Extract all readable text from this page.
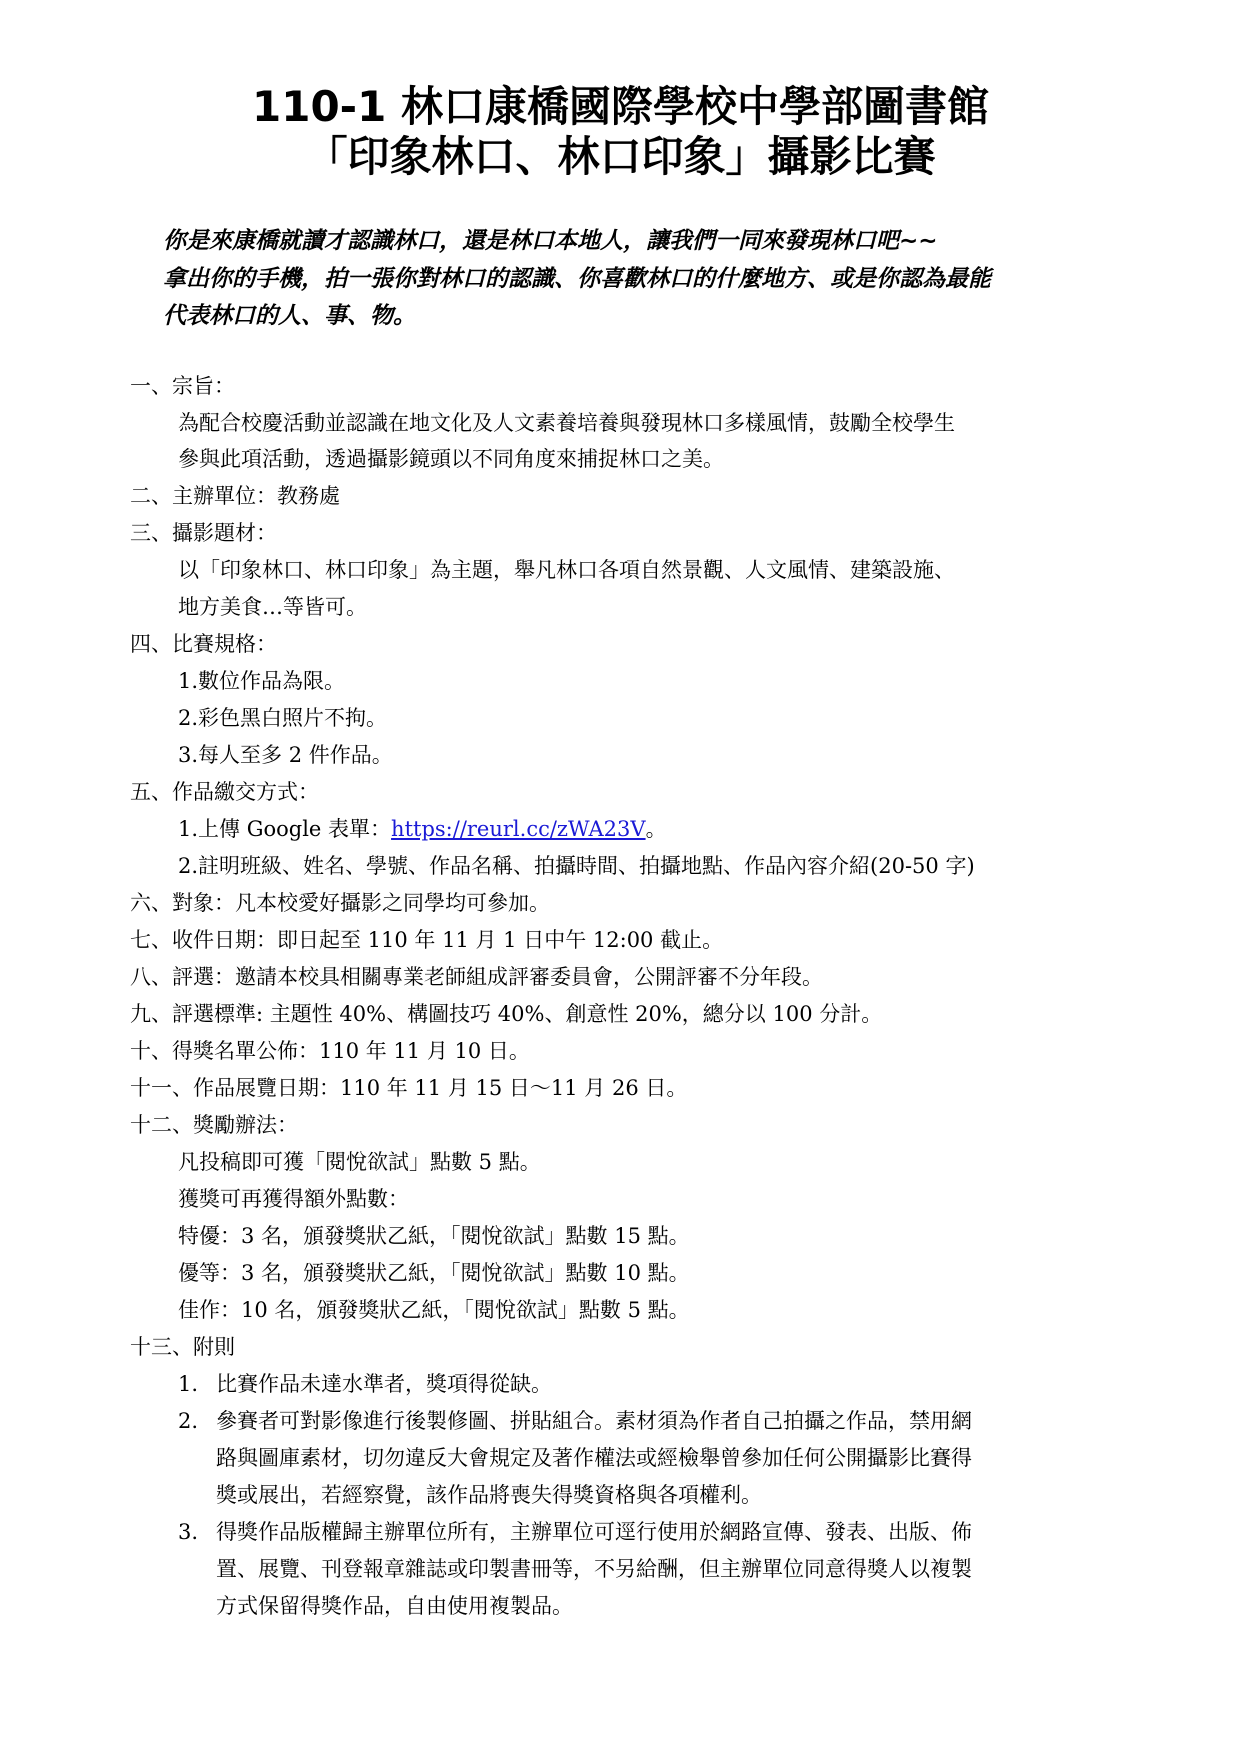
110-1 林口康橋國際學校中學部圖書館
「印象林口、林口印象」攝影比賽
你是來康橋就讀才認識林口，還是林口本地人，讓我們一同來發現林口吧~~
拿出你的手機，拍一張你對林口的認識、你喜歡林口的什麼地方、或是你認為最能
代表林口的人、事、物。
一、宗旨：
為配合校慶活動並認識在地文化及人文素養培養與發現林口多樣風情，鼓勵全校學生
參與此項活動，透過攝影鏡頭以不同角度來捕捉林口之美。
二、主辦單位：教務處
三、攝影題材：
以「印象林口、林口印象」為主題，舉凡林口各項自然景觀、人文風情、建築設施、
地方美食…等皆可。
四、比賽規格：
1.數位作品為限。
2.彩色黑白照片不拘。
3.每人至多 2 件作品。
五、作品繳交方式：
1.上傳 Google 表單：https://reurl.cc/zWA23V。
2.註明班級、姓名、學號、作品名稱、拍攝時間、拍攝地點、作品內容介紹(20-50 字)
六、對象：凡本校愛好攝影之同學均可參加。
七、收件日期：即日起至 110 年 11 月 1 日中午 12:00 截止。
八、評選：邀請本校具相關專業老師組成評審委員會，公開評審不分年段。
九、評選標準: 主題性 40%、構圖技巧 40%、創意性 20%，總分以 100 分計。
十、得獎名單公佈：110 年 11 月 10 日。
十一、作品展覽日期：110 年 11 月 15 日～11 月 26 日。
十二、獎勵辦法：
凡投稿即可獲「閱悅欲試」點數 5 點。
獲獎可再獲得額外點數：
特優：3 名，頒發獎狀乙紙，「閱悅欲試」點數 15 點。
優等：3 名，頒發獎狀乙紙，「閱悅欲試」點數 10 點。
佳作：10 名，頒發獎狀乙紙，「閱悅欲試」點數 5 點。
十三、附則
1. 比賽作品未達水準者，獎項得從缺。
2. 參賽者可對影像進行後製修圖、拼貼組合。素材須為作者自己拍攝之作品，禁用網
路與圖庫素材，切勿違反大會規定及著作權法或經檢舉曾參加任何公開攝影比賽得
獎或展出，若經察覺，該作品將喪失得獎資格與各項權利。
3. 得獎作品版權歸主辦單位所有，主辦單位可逕行使用於網路宣傳、發表、出版、佈
置、展覽、刊登報章雜誌或印製書冊等，不另給酬，但主辦單位同意得獎人以複製
方式保留得獎作品，自由使用複製品。
